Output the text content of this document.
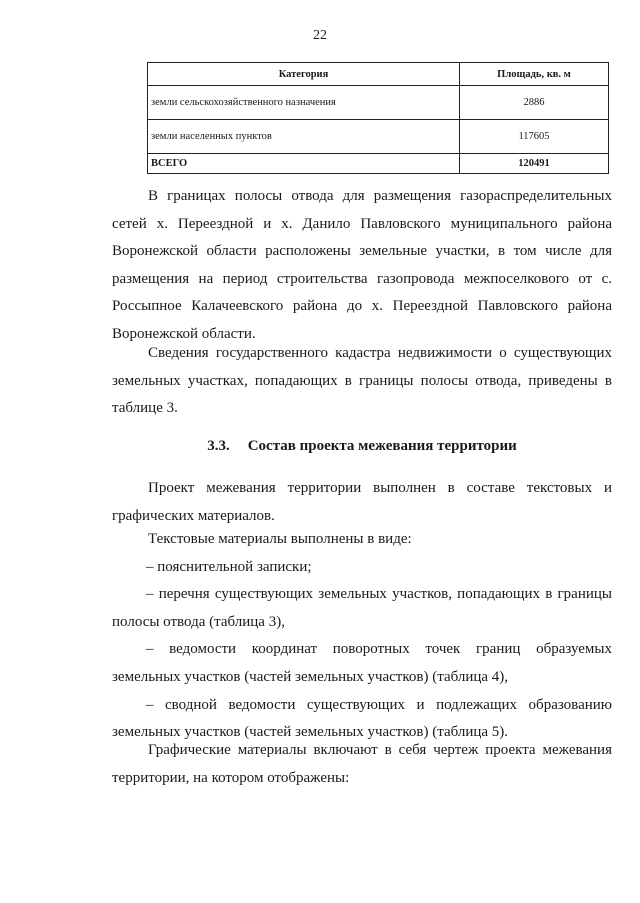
22
Категория	Площадь, кв. м
земли сельскохозяйственного назначения	2886
земли населенных пунктов	117605
ВСЕГО	120491

В границах полосы отвода для размещения газораспределительных сетей х. Переездной и х. Данило Павловского муниципального района Воронежской области расположены земельные участки, в том числе для размещения на период строительства газопровода межпоселкового от с. Россыпное Калачеевского района до х. Переездной Павловского района Воронежской области.

Сведения государственного кадастра недвижимости о существующих земельных участках, попадающих в границы полосы отвода, приведены в таблице 3.

3.3. Состав проекта межевания территории

Проект межевания территории выполнен в составе текстовых и графических материалов.

Текстовые материалы выполнены в виде:

– пояснительной записки;

– перечня существующих земельных участков, попадающих в границы полосы отвода (таблица 3),

– ведомости координат поворотных точек границ образуемых земельных участков (частей земельных участков) (таблица 4),

– сводной ведомости существующих и подлежащих образованию земельных участков (частей земельных участков) (таблица 5).

Графические материалы включают в себя чертеж проекта межевания территории, на котором отображены:
